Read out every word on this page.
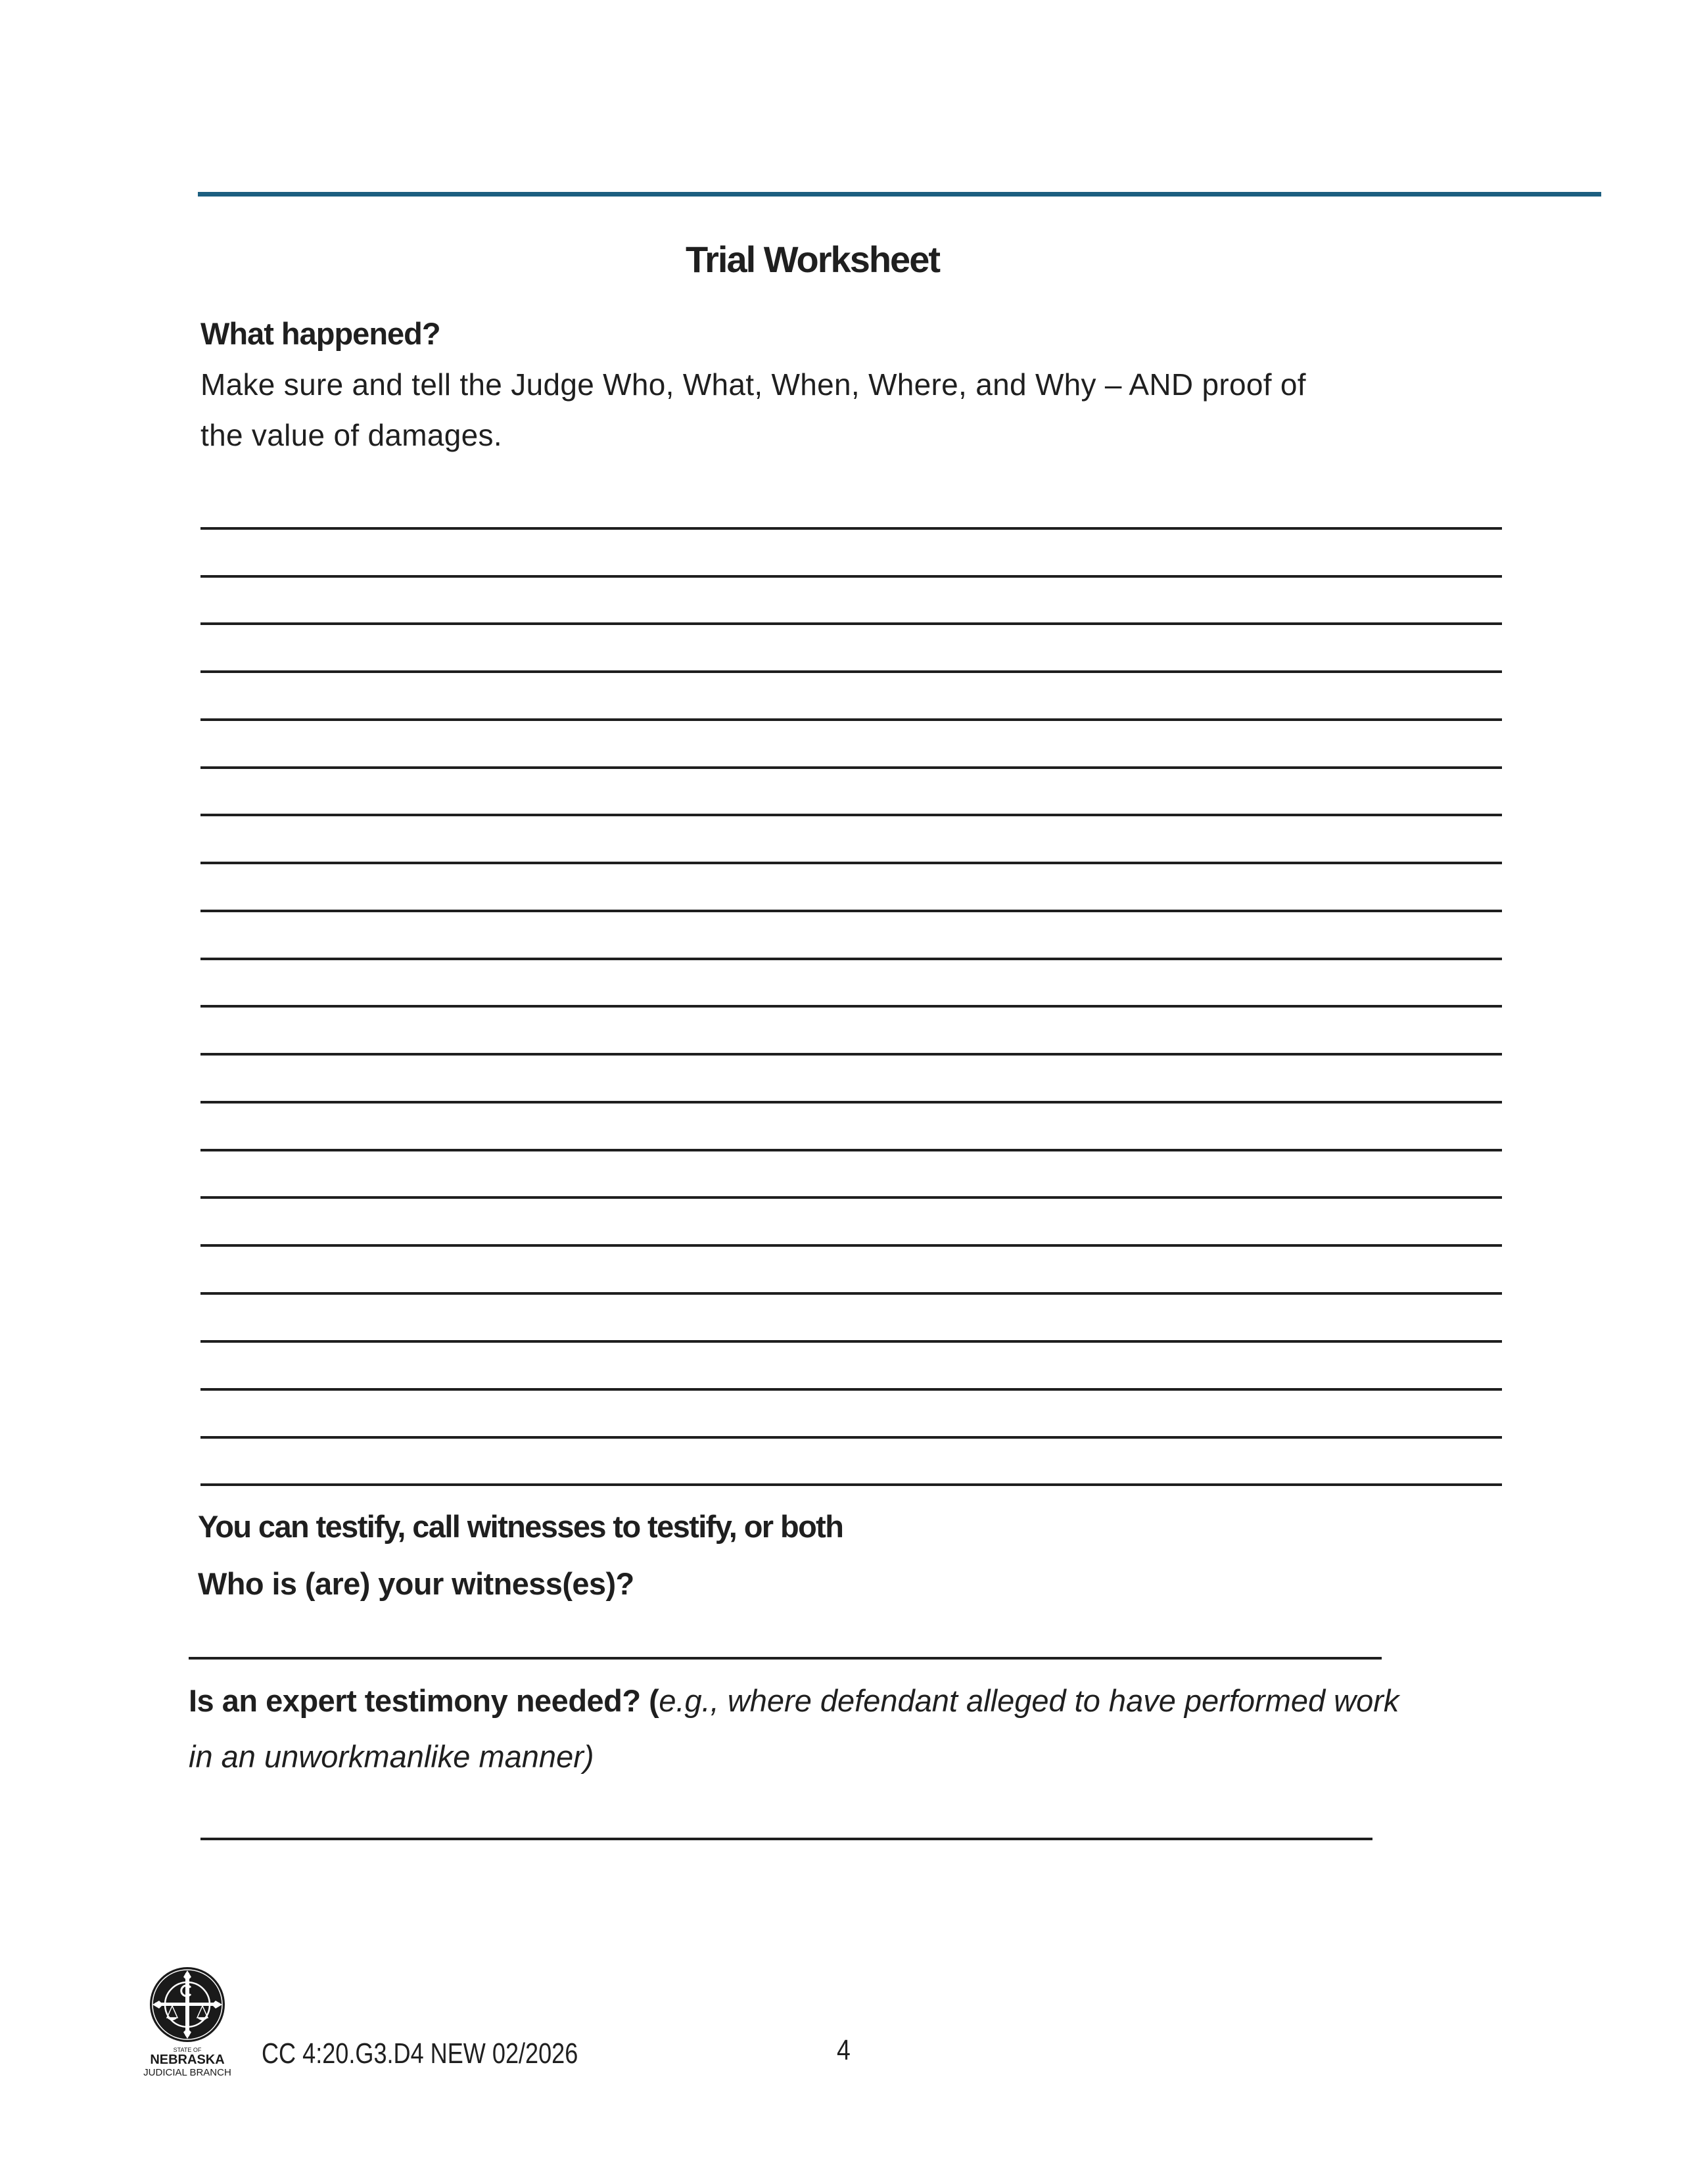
Trial Worksheet
What happened?
Make sure and tell the Judge Who, What, When, Where, and Why – AND proof of
the value of damages.
You can testify, call witnesses to testify, or both
Who is (are) your witness(es)?
Is an expert testimony needed? (e.g., where defendant alleged to have performed work
in an unworkmanlike manner)
STATE OF
NEBRASKA
JUDICIAL BRANCH
CC 4:20.G3.D4 NEW 02/2026	4
